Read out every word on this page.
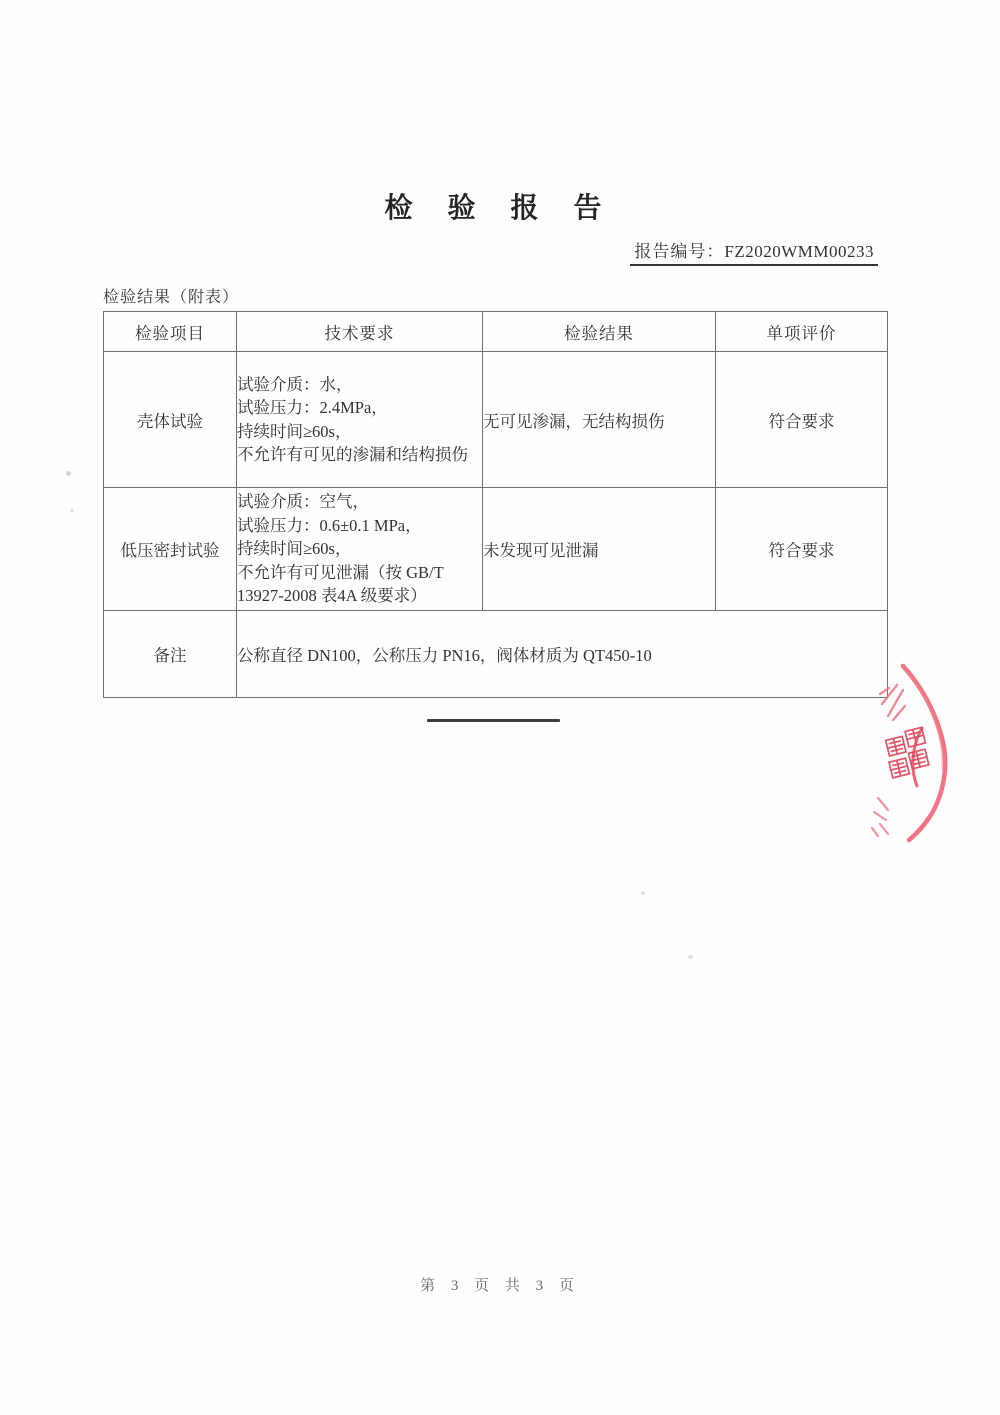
检 验 报 告
报告编号：FZ2020WMM00233
检验结果（附表）
检验项目	技术要求	检验结果	单项评价
壳体试验	试验介质：水，
试验压力：2.4MPa，
持续时间≥60s，
不允许有可见的渗漏和结构损伤	无可见渗漏，无结构损伤	符合要求
低压密封试验	试验介质：空气，
试验压力：0.6±0.1 MPa，
持续时间≥60s，
不允许有可见泄漏（按 GB/T
13927-2008 表4A 级要求）	未发现可见泄漏	符合要求
备注	公称直径 DN100，公称压力 PN16，阀体材质为 QT450-10		
第 3 页 共 3 页
